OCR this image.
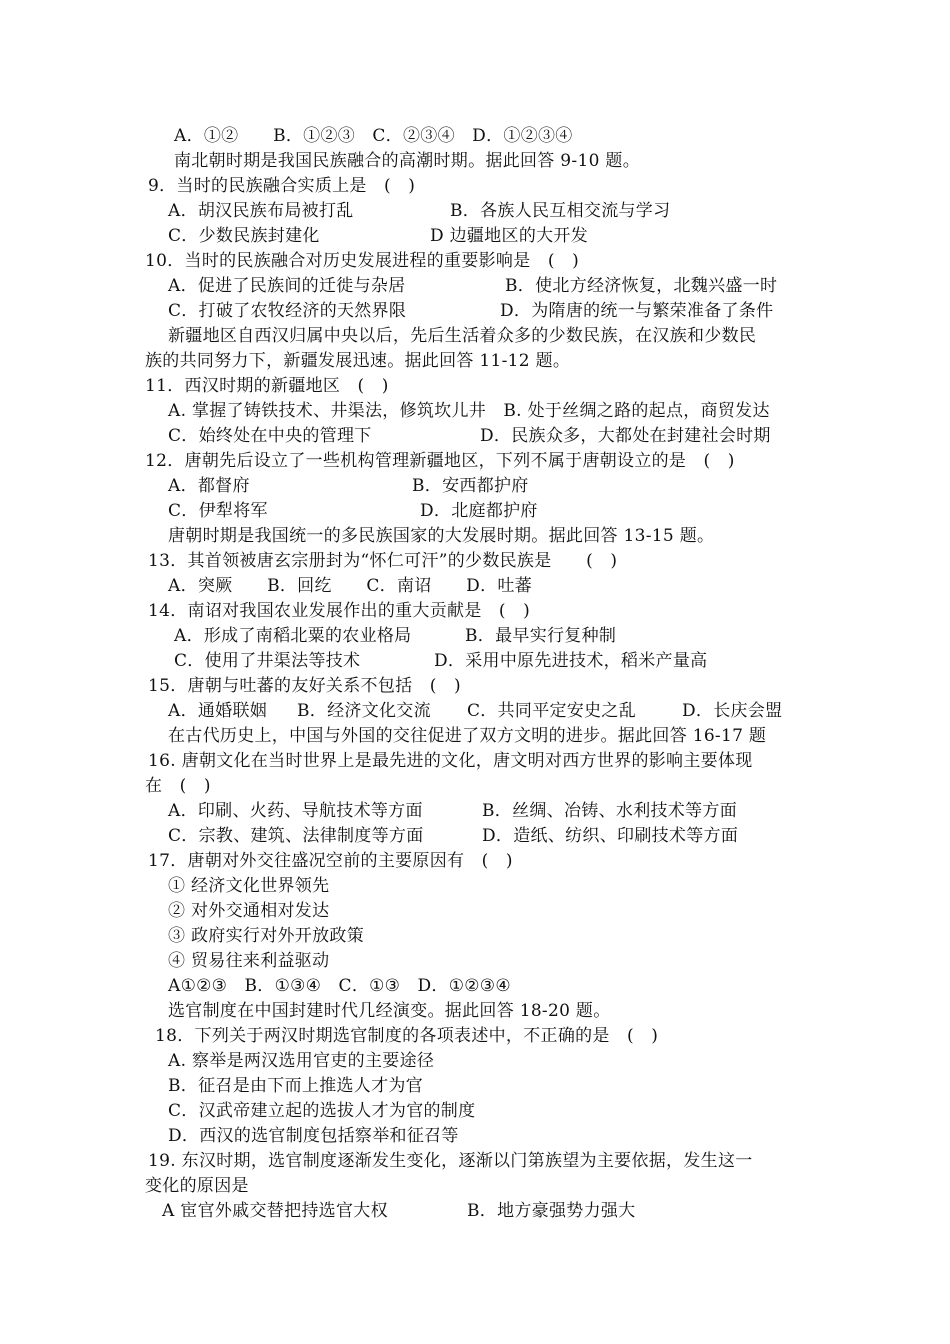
A．①②　　B．①②③　C．②③④　D．①②③④
南北朝时期是我国民族融合的高潮时期。据此回答 9-10 题。
9．当时的民族融合实质上是　(　)
A．胡汉民族布局被打乱	B．各族人民互相交流与学习
C．少数民族封建化	D 边疆地区的大开发
10．当时的民族融合对历史发展进程的重要影响是　(　)
A．促进了民族间的迁徙与杂居	B．使北方经济恢复，北魏兴盛一时
C．打破了农牧经济的天然界限	D．为隋唐的统一与繁荣准备了条件
新疆地区自西汉归属中央以后，先后生活着众多的少数民族，在汉族和少数民
族的共同努力下，新疆发展迅速。据此回答 11-12 题。
11．西汉时期的新疆地区　(　)
A. 掌握了铸铁技术、井渠法，修筑坎儿井　B. 处于丝绸之路的起点，商贸发达
C．始终处在中央的管理下	D．民族众多，大都处在封建社会时期
12．唐朝先后设立了一些机构管理新疆地区，下列不属于唐朝设立的是　(　)
A．都督府	B．安西都护府
C．伊犁将军	D．北庭都护府
唐朝时期是我国统一的多民族国家的大发展时期。据此回答 13-15 题。
13．其首领被唐玄宗册封为“怀仁可汗”的少数民族是　　(　)
A．突厥　　B．回纥　　C．南诏　　D．吐蕃
14．南诏对我国农业发展作出的重大贡献是　(　)
A．形成了南稻北粟的农业格局	B．最早实行复种制
C．使用了井渠法等技术	D．采用中原先进技术，稻米产量高
15．唐朝与吐蕃的友好关系不包括　(　)
A．通婚联姻 B．经济文化交流 C．共同平定安史之乱	D．长庆会盟
在古代历史上，中国与外国的交往促进了双方文明的进步。据此回答 16-17 题
16. 唐朝文化在当时世界上是最先进的文化，唐文明对西方世界的影响主要体现
在　(　)
A．印刷、火药、导航技术等方面	B．丝绸、冶铸、水利技术等方面
C．宗教、建筑、法律制度等方面	D．造纸、纺织、印刷技术等方面
17．唐朝对外交往盛况空前的主要原因有　(　)
① 经济文化世界领先
② 对外交通相对发达
③ 政府实行对外开放政策
④ 贸易往来利益驱动
A①②③　B．①③④　C．①③　D．①②③④
选官制度在中国封建时代几经演变。据此回答 18-20 题。
18．下列关于两汉时期选官制度的各项表述中，不正确的是　(　)
A. 察举是两汉选用官吏的主要途径
B．征召是由下而上推选人才为官
C．汉武帝建立起的选拔人才为官的制度
D．西汉的选官制度包括察举和征召等
19. 东汉时期，选官制度逐渐发生变化，逐渐以门第族望为主要依据，发生这一
变化的原因是
A 宦官外戚交替把持选官大权	B．地方豪强势力强大
